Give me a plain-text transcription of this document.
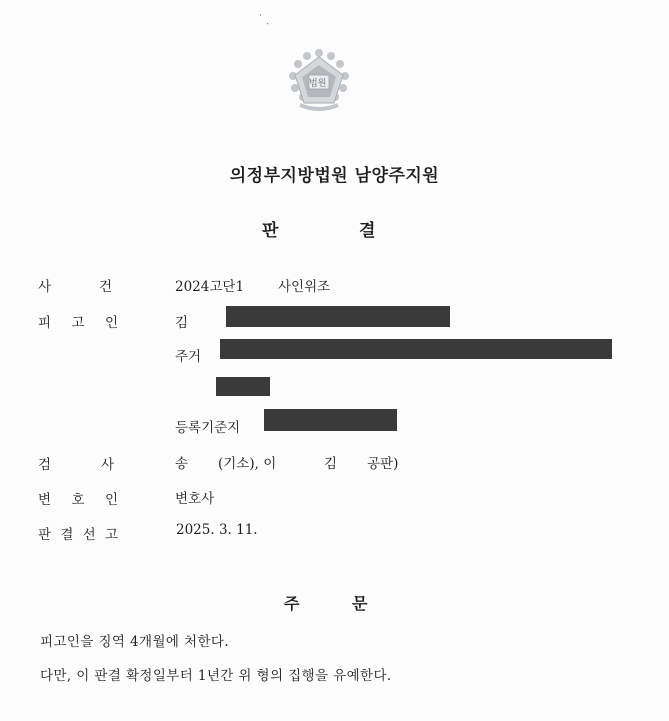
˙ ˎ
법원
의정부지방법원 남양주지원
판	결
사	건	2024고단1	사인위조
피 고 인	김
주거
등록기준지
검	사	송 (기소), 이	김 공판)
변 호 인	변호사
판 결 선 고	2025. 3. 11.
주	문
피고인을 징역 4개월에 처한다.
다만, 이 판결 확정일부터 1년간 위 형의 집행을 유예한다.
